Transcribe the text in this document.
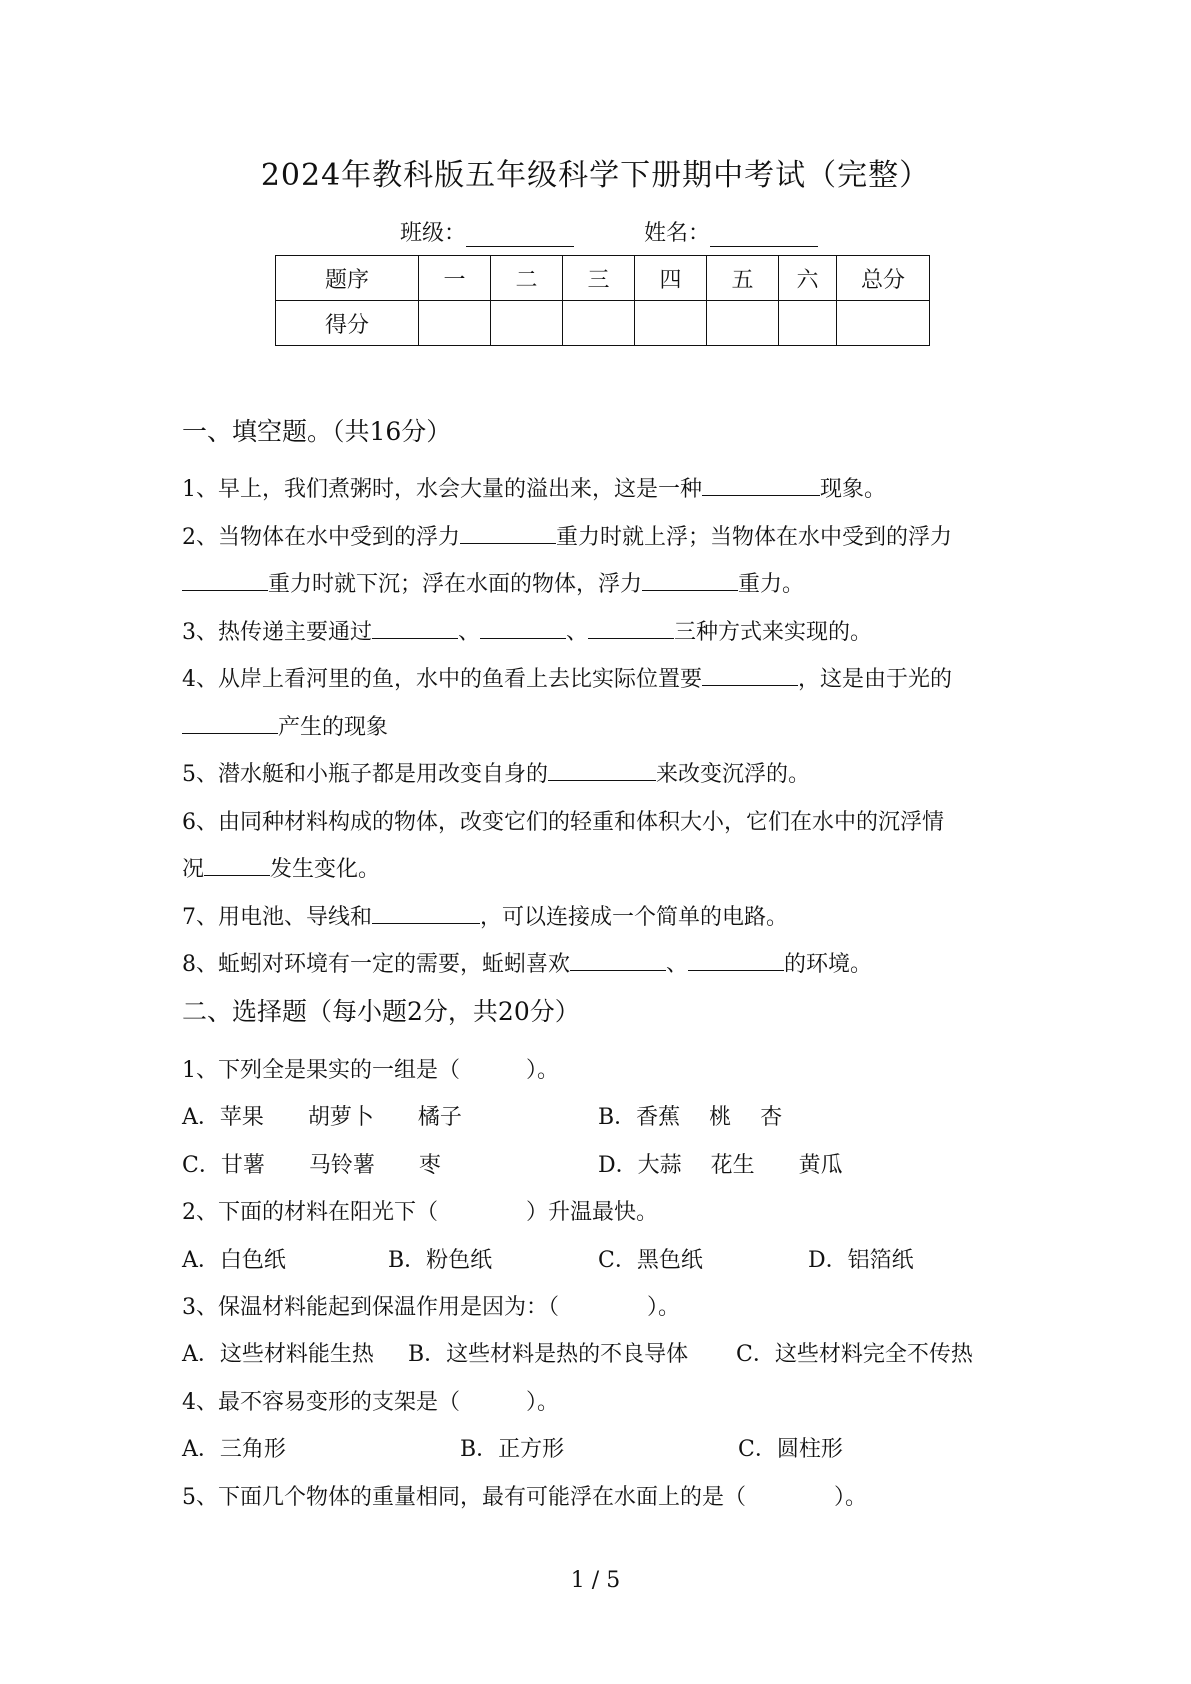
2024年教科版五年级科学下册期中考试（完整）
班级：	姓名：
题序	一	二	三	四	五	六	总分
得分							
一、填空题。（共16分）
1、早上，我们煮粥时，水会大量的溢出来，这是一种	现象。
2、当物体在水中受到的浮力	重力时就上浮；当物体在水中受到的浮力
重力时就下沉；浮在水面的物体，浮力	重力。
3、热传递主要通过	、	、	三种方式来实现的。
4、从岸上看河里的鱼，水中的鱼看上去比实际位置要	，这是由于光的
产生的现象
5、潜水艇和小瓶子都是用改变自身的	来改变沉浮的。
6、由同种材料构成的物体，改变它们的轻重和体积大小，它们在水中的沉浮情
况	发生变化。
7、用电池、导线和	，可以连接成一个简单的电路。
8、蚯蚓对环境有一定的需要，蚯蚓喜欢	、	的环境。
二、选择题（每小题2分，共20分）
1、下列全是果实的一组是（　　　）。
A．苹果　　胡萝卜　　橘子	B．香蕉　 桃　 杏
C．甘薯　　马铃薯　　枣	D．大蒜　 花生　　黄瓜
2、下面的材料在阳光下（　　　　）升温最快。
A．白色纸	B．粉色纸	C．黑色纸	D．铝箔纸
3、保温材料能起到保温作用是因为：（　　　　）。
A．这些材料能生热 B．这些材料是热的不良导体 C．这些材料完全不传热
4、最不容易变形的支架是（　　　）。
A．三角形	B．正方形	C．圆柱形
5、下面几个物体的重量相同，最有可能浮在水面上的是（　　　　）。
1 / 5
